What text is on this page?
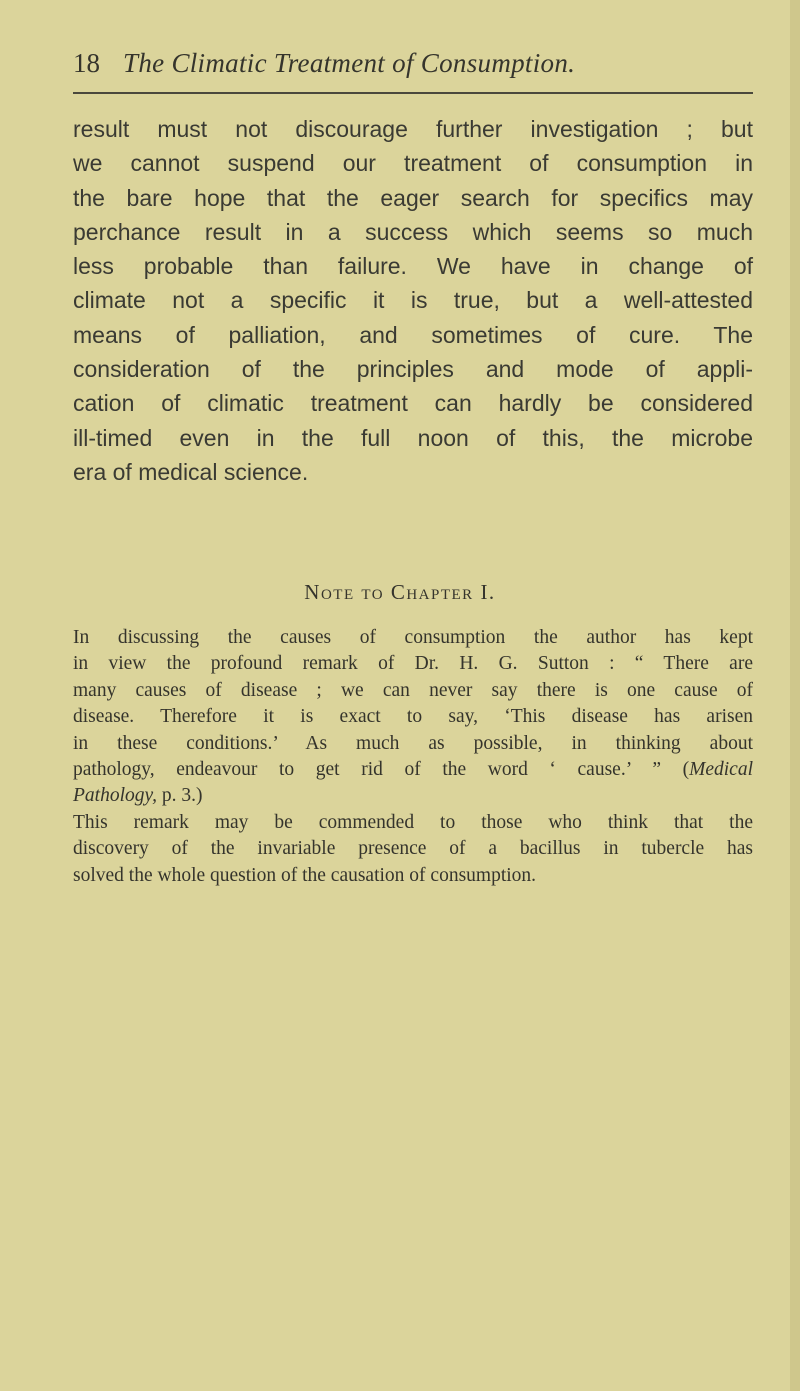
18 The Climatic Treatment of Consumption.
result must not discourage further investigation ; but
we cannot suspend our treatment of consumption in
the bare hope that the eager search for specifics may
perchance result in a success which seems so much
less probable than failure. We have in change of
climate not a specific it is true, but a well-attested
means of palliation, and sometimes of cure. The
consideration of the principles and mode of appli-
cation of climatic treatment can hardly be considered
ill-timed even in the full noon of this, the microbe
era of medical science.
Note to Chapter I.
In discussing the causes of consumption the author has kept
in view the profound remark of Dr. H. G. Sutton : “ There are
many causes of disease ; we can never say there is one cause of
disease. Therefore it is exact to say, ‘This disease has arisen
in these conditions.’ As much as possible, in thinking about
pathology, endeavour to get rid of the word ‘ cause.’ ” (Medical
Pathology, p. 3.)
This remark may be commended to those who think that the
discovery of the invariable presence of a bacillus in tubercle has
solved the whole question of the causation of consumption.
